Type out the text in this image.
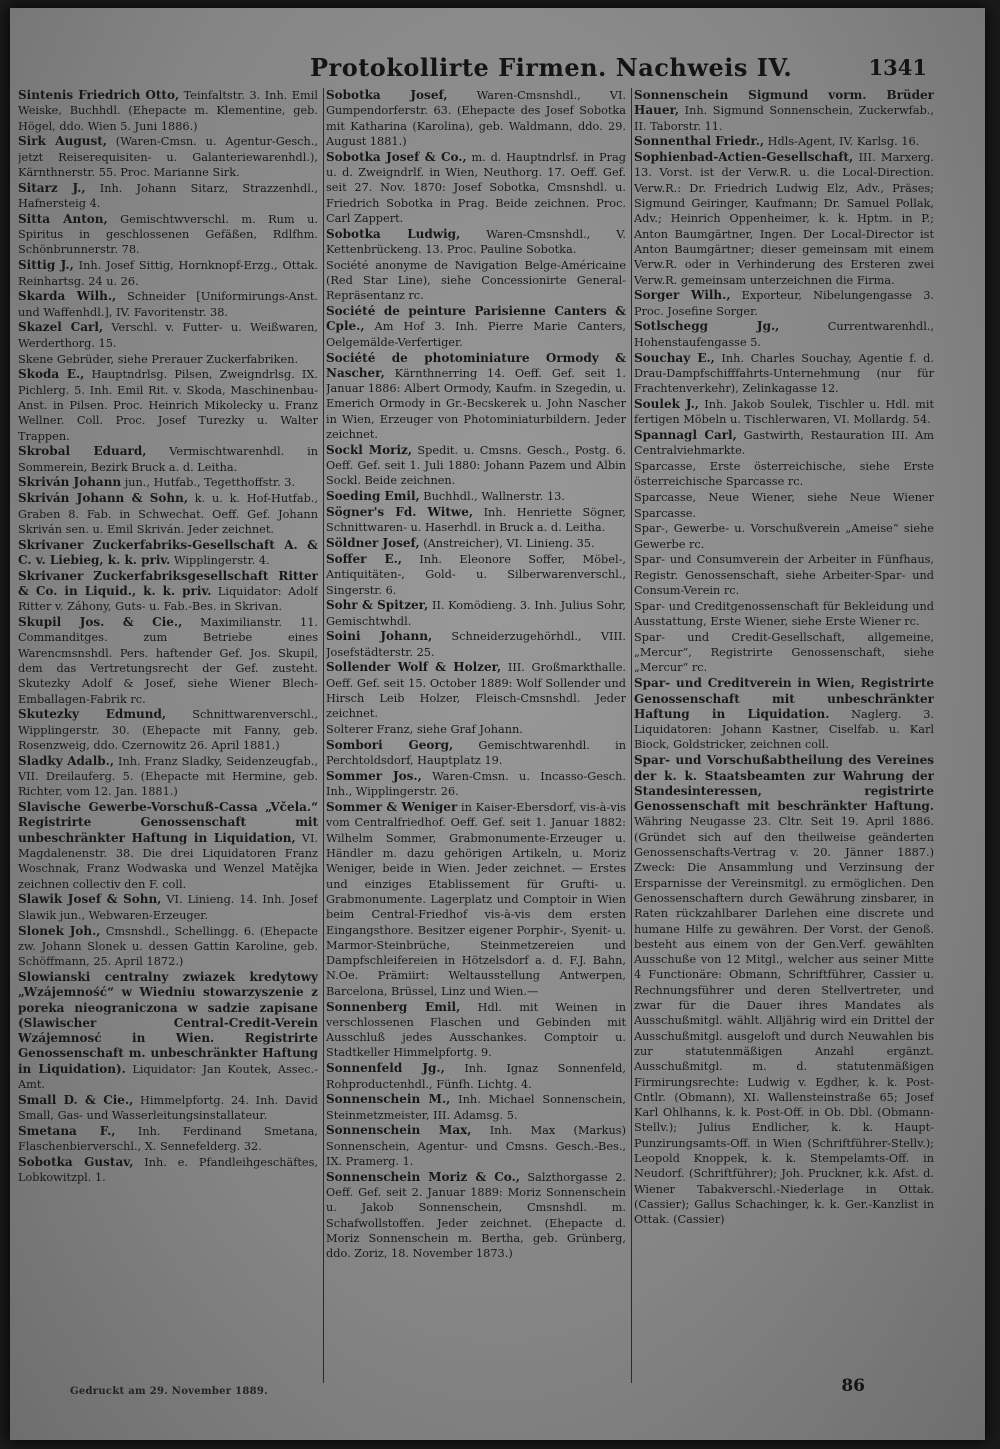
Protokollirte Firmen. Nachweis IV.	1341

Sintenis Friedrich Otto, Teinfaltstr. 3. Inh. Emil Weiske, Buchhdl. (Ehepacte m. Klementine, geb. Högel, ddo. Wien 5. Juni 1886.)

Sirk August, (Waren-Cmsn. u. Agentur-Gesch., jetzt Reiserequisiten- u. Galanteriewarenhdl.), Kärnthnerstr. 55. Proc. Marianne Sirk.

Sitarz J., Inh. Johann Sitarz, Strazzenhdl., Hafnersteig 4.

Sitta Anton, Gemischtwverschl. m. Rum u. Spiritus in geschlossenen Gefäßen, Rdlfhm. Schönbrunnerstr. 78.

Sittig J., Inh. Josef Sittig, Hornknopf-Erzg., Ottak. Reinhartsg. 24 u. 26.

Skarda Wilh., Schneider [Uniformirungs-Anst. und Waffenhdl.], IV. Favoritenstr. 38.

Skazel Carl, Verschl. v. Futter- u. Weißwaren, Werderthorg. 15.

Skene Gebrüder, siehe Prerauer Zuckerfabriken.

Skoda E., Hauptndrlsg. Pilsen, Zweigndrlsg. IX. Pichlerg. 5. Inh. Emil Rit. v. Skoda, Maschinenbau-Anst. in Pilsen. Proc. Heinrich Mikolecky u. Franz Wellner. Coll. Proc. Josef Turezky u. Walter Trappen.

Skrobal Eduard, Vermischtwarenhdl. in Sommerein, Bezirk Bruck a. d. Leitha.

Skriván Johann jun., Hutfab., Tegetthoffstr. 3.

Skriván Johann & Sohn, k. u. k. Hof-Hutfab., Graben 8. Fab. in Schwechat. Oeff. Gef. Johann Skriván sen. u. Emil Skriván. Jeder zeichnet.

Skrivaner Zuckerfabriks-Gesellschaft A. & C. v. Liebieg, k. k. priv. Wipplingerstr. 4.

Skrivaner Zuckerfabriksgesellschaft Ritter & Co. in Liquid., k. k. priv. Liquidator: Adolf Ritter v. Záhony, Guts- u. Fab.-Bes. in Skrivan.

Skupil Jos. & Cie., Maximilianstr. 11. Commanditges. zum Betriebe eines Warencmsnshdl. Pers. haftender Gef. Jos. Skupil, dem das Vertretungsrecht der Gef. zusteht. Skutezky Adolf & Josef, siehe Wiener Blech-Emballagen-Fabrik rc.

Skutezky Edmund, Schnittwarenverschl., Wipplingerstr. 30. (Ehepacte mit Fanny, geb. Rosenzweig, ddo. Czernowitz 26. April 1881.)

Sladky Adalb., Inh. Franz Sladky, Seidenzeugfab., VII. Dreilauferg. 5. (Ehepacte mit Hermine, geb. Richter, vom 12. Jan. 1881.)

Slavische Gewerbe-Vorschuß-Cassa „Včela.“ Registrirte Genossenschaft mit unbeschränkter Haftung in Liquidation, VI. Magdalenenstr. 38. Die drei Liquidatoren Franz Woschnak, Franz Wodwaska und Wenzel Matějka zeichnen collectiv den F. coll.

Slawik Josef & Sohn, VI. Linieng. 14. Inh. Josef Slawik jun., Webwaren-Erzeuger.

Slonek Joh., Cmsnshdl., Schellingg. 6. (Ehepacte zw. Johann Slonek u. dessen Gattin Karoline, geb. Schöffmann, 25. April 1872.)

Slowianski centralny zwiazek kredytowy „Wzájemność“ w Wiedniu stowarzyszenie z poreka nieograniczona w sadzie zapisane (Slawischer Central-Credit-Verein Wzájemnosć in Wien. Registrirte Genossenschaft m. unbeschränkter Haftung in Liquidation). Liquidator: Jan Koutek, Assec.-Amt.

Small D. & Cie., Himmelpfortg. 24. Inh. David Small, Gas- und Wasserleitungsinstallateur.

Smetana F., Inh. Ferdinand Smetana, Flaschenbierverschl., X. Sennefelderg. 32.

Sobotka Gustav, Inh. e. Pfandleihgeschäftes, Lobkowitzpl. 1.

Sobotka Josef, Waren-Cmsnshdl., VI. Gumpendorferstr. 63. (Ehepacte des Josef Sobotka mit Katharina (Karolina), geb. Waldmann, ddo. 29. August 1881.)

Sobotka Josef & Co., m. d. Hauptndrlsf. in Prag u. d. Zweigndrlf. in Wien, Neuthorg. 17. Oeff. Gef. seit 27. Nov. 1870: Josef Sobotka, Cmsnshdl. u. Friedrich Sobotka in Prag. Beide zeichnen. Proc. Carl Zappert.

Sobotka Ludwig, Waren-Cmsnshdl., V. Kettenbrückeng. 13. Proc. Pauline Sobotka.

Société anonyme de Navigation Belge-Américaine (Red Star Line), siehe Concessionirte General-Repräsentanz rc.

Société de peinture Parisienne Canters & Cple., Am Hof 3. Inh. Pierre Marie Canters, Oelgemälde-Verfertiger.

Société de photominiature Ormody & Nascher, Kärnthnerring 14. Oeff. Gef. seit 1. Januar 1886: Albert Ormody, Kaufm. in Szegedin, u. Emerich Ormody in Gr.-Becskerek u. John Nascher in Wien, Erzeuger von Photominiaturbildern. Jeder zeichnet.

Sockl Moriz, Spedit. u. Cmsns. Gesch., Postg. 6. Oeff. Gef. seit 1. Juli 1880: Johann Pazem und Albin Sockl. Beide zeichnen.

Soeding Emil, Buchhdl., Wallnerstr. 13.

Sögner's Fd. Witwe, Inh. Henriette Sögner, Schnittwaren- u. Haserhdl. in Bruck a. d. Leitha.

Söldner Josef, (Anstreicher), VI. Linieng. 35.

Soffer E., Inh. Eleonore Soffer, Möbel-, Antiquitäten-, Gold- u. Silberwarenverschl., Singerstr. 6.

Sohr & Spitzer, II. Komödieng. 3. Inh. Julius Sohr, Gemischtwhdl.

Soini Johann, Schneiderzugehörhdl., VIII. Josefstädterstr. 25.

Sollender Wolf & Holzer, III. Großmarkthalle. Oeff. Gef. seit 15. October 1889: Wolf Sollender und Hirsch Leib Holzer, Fleisch-Cmsnshdl. Jeder zeichnet.

Solterer Franz, siehe Graf Johann.

Sombori Georg, Gemischtwarenhdl. in Perchtoldsdorf, Hauptplatz 19.

Sommer Jos., Waren-Cmsn. u. Incasso-Gesch. Inh., Wipplingerstr. 26.

Sommer & Weniger in Kaiser-Ebersdorf, vis-à-vis vom Centralfriedhof. Oeff. Gef. seit 1. Januar 1882: Wilhelm Sommer, Grabmonumente-Erzeuger u. Händler m. dazu gehörigen Artikeln, u. Moriz Weniger, beide in Wien. Jeder zeichnet. — Erstes und einziges Etablissement für Grufti- u. Grabmonumente. Lagerplatz und Comptoir in Wien beim Central-Friedhof vis-à-vis dem ersten Eingangsthore. Besitzer eigener Porphir-, Syenit- u. Marmor-Steinbrüche, Steinmetzereien und Dampfschleifereien in Hötzelsdorf a. d. F.J. Bahn, N.Oe. Prämiirt: Weltausstellung Antwerpen, Barcelona, Brüssel, Linz und Wien.—

Sonnenberg Emil, Hdl. mit Weinen in verschlossenen Flaschen und Gebinden mit Ausschluß jedes Ausschankes. Comptoir u. Stadtkeller Himmelpfortg. 9.

Sonnenfeld Jg., Inh. Ignaz Sonnenfeld, Rohproductenhdl., Fünfh. Lichtg. 4.

Sonnenschein M., Inh. Michael Sonnenschein, Steinmetzmeister, III. Adamsg. 5.

Sonnenschein Max, Inh. Max (Markus) Sonnenschein, Agentur- und Cmsns. Gesch.-Bes., IX. Pramerg. 1.

Sonnenschein Moriz & Co., Salzthorgasse 2. Oeff. Gef. seit 2. Januar 1889: Moriz Sonnenschein u. Jakob Sonnenschein, Cmsnshdl. m. Schafwollstoffen. Jeder zeichnet. (Ehepacte d. Moriz Sonnenschein m. Bertha, geb. Grünberg, ddo. Zoriz, 18. November 1873.)

Sonnenschein Sigmund vorm. Brüder Hauer, Inh. Sigmund Sonnenschein, Zuckerwfab., II. Taborstr. 11.

Sonnenthal Friedr., Hdls-Agent, IV. Karlsg. 16.

Sophienbad-Actien-Gesellschaft, III. Marxerg. 13. Vorst. ist der Verw.R. u. die Local-Direction. Verw.R.: Dr. Friedrich Ludwig Elz, Adv., Präses; Sigmund Geiringer, Kaufmann; Dr. Samuel Pollak, Adv.; Heinrich Oppenheimer, k. k. Hptm. in P.; Anton Baumgärtner, Ingen. Der Local-Director ist Anton Baumgärtner; dieser gemeinsam mit einem Verw.R. oder in Verhinderung des Ersteren zwei Verw.R. gemeinsam unterzeichnen die Firma.

Sorger Wilh., Exporteur, Nibelungengasse 3. Proc. Josefine Sorger.

Sotlschegg Jg., Currentwarenhdl., Hohenstaufengasse 5.

Souchay E., Inh. Charles Souchay, Agentie f. d. Drau-Dampfschifffahrts-Unternehmung (nur für Frachtenverkehr), Zelinkagasse 12.

Soulek J., Inh. Jakob Soulek, Tischler u. Hdl. mit fertigen Möbeln u. Tischlerwaren, VI. Mollardg. 54.

Spannagl Carl, Gastwirth, Restauration III. Am Centralviehmarkte.

Sparcasse, Erste österreichische, siehe Erste österreichische Sparcasse rc.

Sparcasse, Neue Wiener, siehe Neue Wiener Sparcasse.

Spar-, Gewerbe- u. Vorschußverein „Ameise“ siehe Gewerbe rc.

Spar- und Consumverein der Arbeiter in Fünfhaus, Registr. Genossenschaft, siehe Arbeiter-Spar- und Consum-Verein rc.

Spar- und Creditgenossenschaft für Bekleidung und Ausstattung, Erste Wiener, siehe Erste Wiener rc.

Spar- und Credit-Gesellschaft, allgemeine, „Mercur“, Registrirte Genossenschaft, siehe „Mercur“ rc.

Spar- und Creditverein in Wien, Registrirte Genossenschaft mit unbeschränkter Haftung in Liquidation. Naglerg. 3. Liquidatoren: Johann Kastner, Ciselfab. u. Karl Biock, Goldstricker, zeichnen coll.

Spar- und Vorschußabtheilung des Vereines der k. k. Staatsbeamten zur Wahrung der Standesinteressen, registrirte Genossenschaft mit beschränkter Haftung. Währing Neugasse 23. Cltr. Seit 19. April 1886. (Gründet sich auf den theilweise geänderten Genossenschafts-Vertrag v. 20. Jänner 1887.) Zweck: Die Ansammlung und Verzinsung der Ersparnisse der Vereinsmitgl. zu ermöglichen. Den Genossenschaftern durch Gewährung zinsbarer, in Raten rückzahlbarer Darlehen eine discrete und humane Hilfe zu gewähren. Der Vorst. der Genoß. besteht aus einem von der Gen.Verf. gewählten Ausschuße von 12 Mitgl., welcher aus seiner Mitte 4 Functionäre: Obmann, Schriftführer, Cassier u. Rechnungsführer und deren Stellvertreter, und zwar für die Dauer ihres Mandates als Ausschußmitgl. wählt. Alljährig wird ein Drittel der Ausschußmitgl. ausgeloft und durch Neuwahlen bis zur statutenmäßigen Anzahl ergänzt. Ausschußmitgl. m. d. statutenmäßigen Firmirungsrechte: Ludwig v. Egdher, k. k. Post-Cntlr. (Obmann), XI. Wallensteinstraße 65; Josef Karl Ohlhanns, k. k. Post-Off. in Ob. Dbl. (Obmann-Stellv.); Julius Endlicher, k. k. Haupt-Punzirungsamts-Off. in Wien (Schriftführer-Stellv.); Leopold Knoppek, k. k. Stempelamts-Off. in Neudorf. (Schriftführer); Joh. Pruckner, k.k. Afst. d. Wiener Tabakverschl.-Niederlage in Ottak. (Cassier); Gallus Schachinger, k. k. Ger.-Kanzlist in Ottak. (Cassier)

Gedruckt am 29. November 1889.	86
